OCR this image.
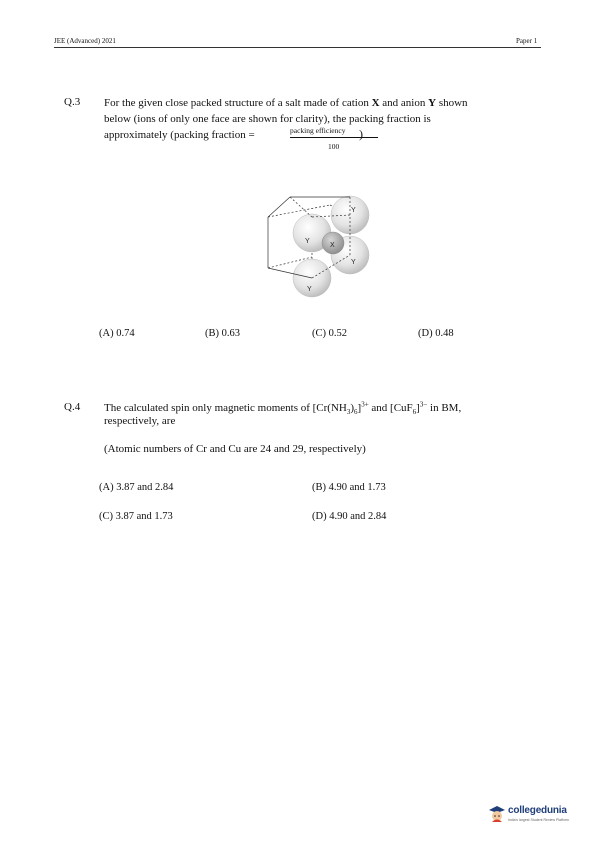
JEE (Advanced) 2021	Paper 1
Q.3 For the given close packed structure of a salt made of cation X and anion Y shown
below (ions of only one face are shown for clarity), the packing fraction is
approximately (packing fraction =	packing efficiency )
100
Y
Y
X
Y
Y
(A) 0.74	(B) 0.63	(C) 0.52	(D) 0.48
Q.4 The calculated spin only magnetic moments of $[Cr(NH_3)_6]^{3+}$ and $[CuF_6]^{3-}$ in BM,
respectively, are
(Atomic numbers of Cr and Cu are 24 and 29, respectively)
(A) 3.87 and 2.84	(B) 4.90 and 1.73
(C) 3.87 and 1.73	(D) 4.90 and 2.84
collegedunia
India's largest Student Review Platform
